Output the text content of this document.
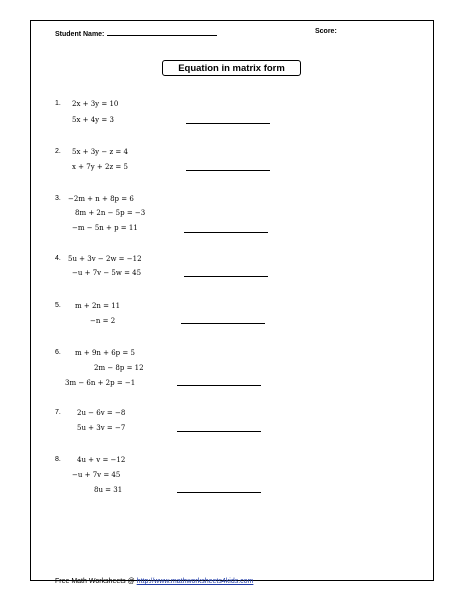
Student Name:	Score:
Equation in matrix form
1. 2x + 3y = 10
5x + 4y = 3
2. 5x + 3y − z = 4
x + 7y + 2z = 5
3. −2m + n + 8p = 6
8m + 2n − 5p = −3
−m − 5n + p = 11
4. 5u + 3v − 2w = −12
−u + 7v − 5w = 45
5. m + 2n = 11
−n = 2
6. m + 9n + 6p = 5
2m − 8p = 12
3m − 6n + 2p = −1
7. 2u − 6v = −8
5u + 3v = −7
8. 4u + v = −12
−u + 7v = 45
8u = 31
Free Math Worksheets @ http://www.mathworksheets4kids.com
